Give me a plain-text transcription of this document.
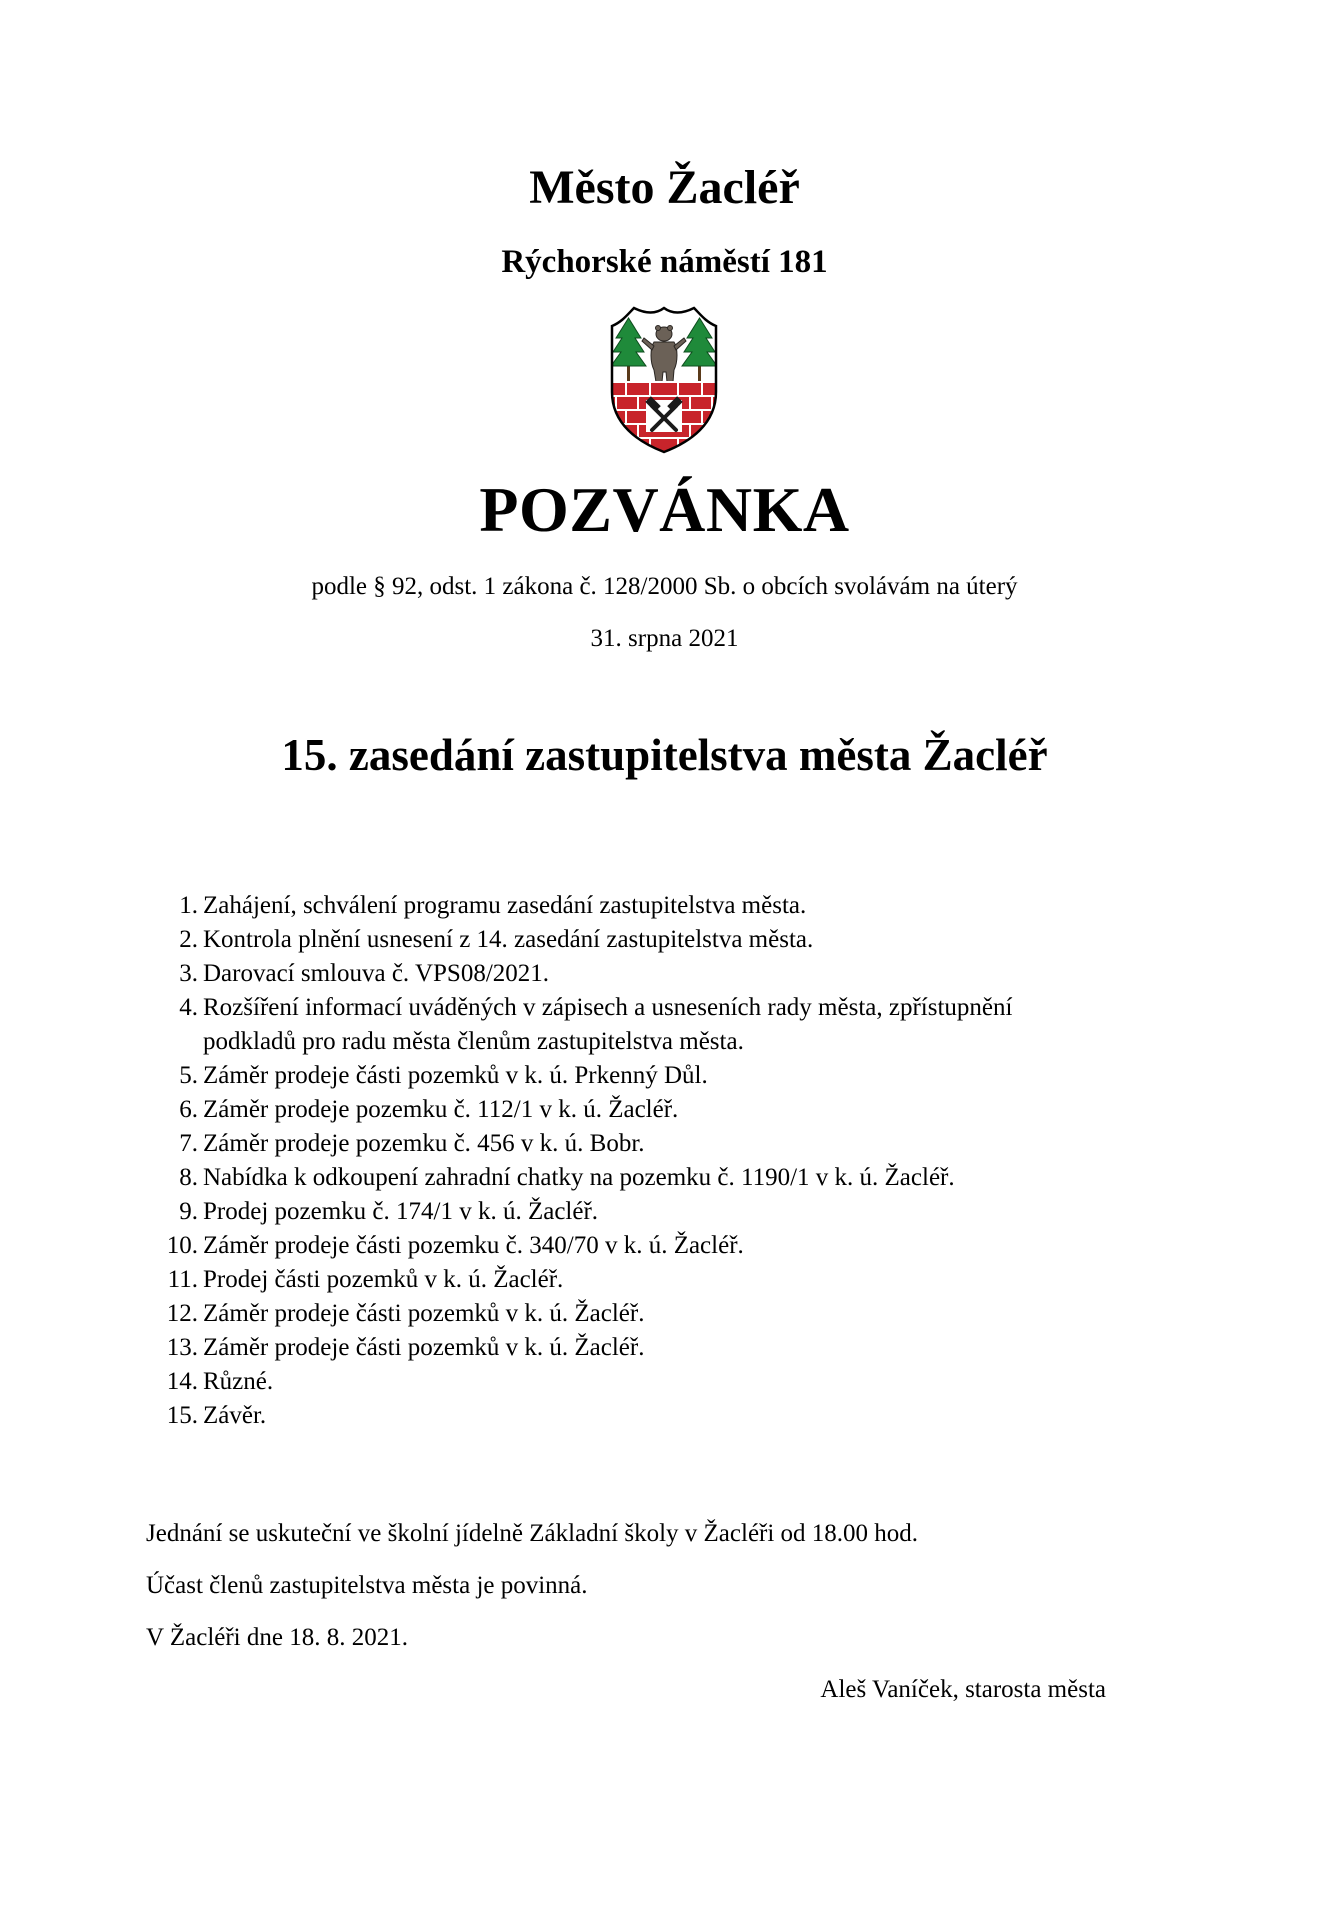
Město Žacléř
Rýchorské náměstí 181
POZVÁNKA
podle § 92, odst. 1 zákona č. 128/2000 Sb. o obcích svolávám na úterý
31. srpna 2021
15. zasedání zastupitelstva města Žacléř
1. Zahájení, schválení programu zasedání zastupitelstva města.
2. Kontrola plnění usnesení z 14. zasedání zastupitelstva města.
3. Darovací smlouva č. VPS08/2021.
4. Rozšíření informací uváděných v zápisech a usneseních rady města, zpřístupnění
podkladů pro radu města členům zastupitelstva města.
5. Záměr prodeje části pozemků v k. ú. Prkenný Důl.
6. Záměr prodeje pozemku č. 112/1 v k. ú. Žacléř.
7. Záměr prodeje pozemku č. 456 v k. ú. Bobr.
8. Nabídka k odkoupení zahradní chatky na pozemku č. 1190/1 v k. ú. Žacléř.
9. Prodej pozemku č. 174/1 v k. ú. Žacléř.
10. Záměr prodeje části pozemku č. 340/70 v k. ú. Žacléř.
11. Prodej části pozemků v k. ú. Žacléř.
12. Záměr prodeje části pozemků v k. ú. Žacléř.
13. Záměr prodeje části pozemků v k. ú. Žacléř.
14. Různé.
15. Závěr.
Jednání se uskuteční ve školní jídelně Základní školy v Žacléři od 18.00 hod.
Účast členů zastupitelstva města je povinná.
V Žacléři dne 18. 8. 2021.
Aleš Vaníček, starosta města
